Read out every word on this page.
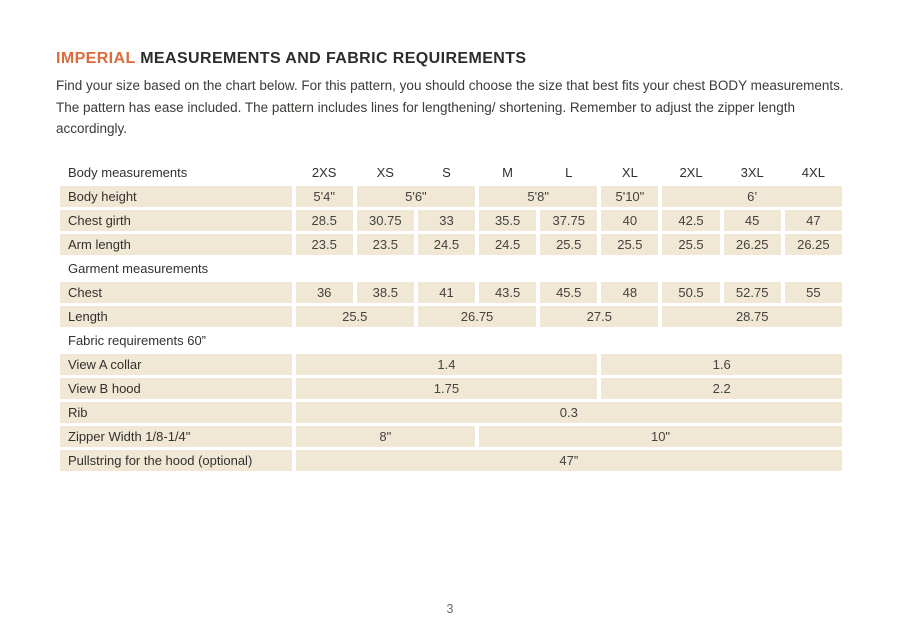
IMPERIAL MEASUREMENTS AND FABRIC REQUIREMENTS

Find your size based on the chart below. For this pattern, you should choose the size that best fits your chest BODY measurements. The pattern has ease included. The pattern includes lines for lengthening/ shortening. Remember to adjust the zipper length accordingly.

Body measurements	2XS	XS	S	M	L	XL	2XL	3XL	4XL
Body height	5'4"	5'6"		5'8"		5'10"	6’		
Chest girth	28.5	30.75	33	35.5	37.75	40	42.5	45	47
Arm length	23.5	23.5	24.5	24.5	25.5	25.5	25.5	26.25	26.25
Garment measurements									
Chest	36	38.5	41	43.5	45.5	48	50.5	52.75	55
Length	25.5		26.75		27.5		28.75		
Fabric requirements 60”									
View A collar	1.4					1.6			
View B hood	1.75					2.2			
Rib	0.3								
Zipper Width 1/8-1/4"	8"			10"					
Pullstring for the hood (optional)	47”								
3
